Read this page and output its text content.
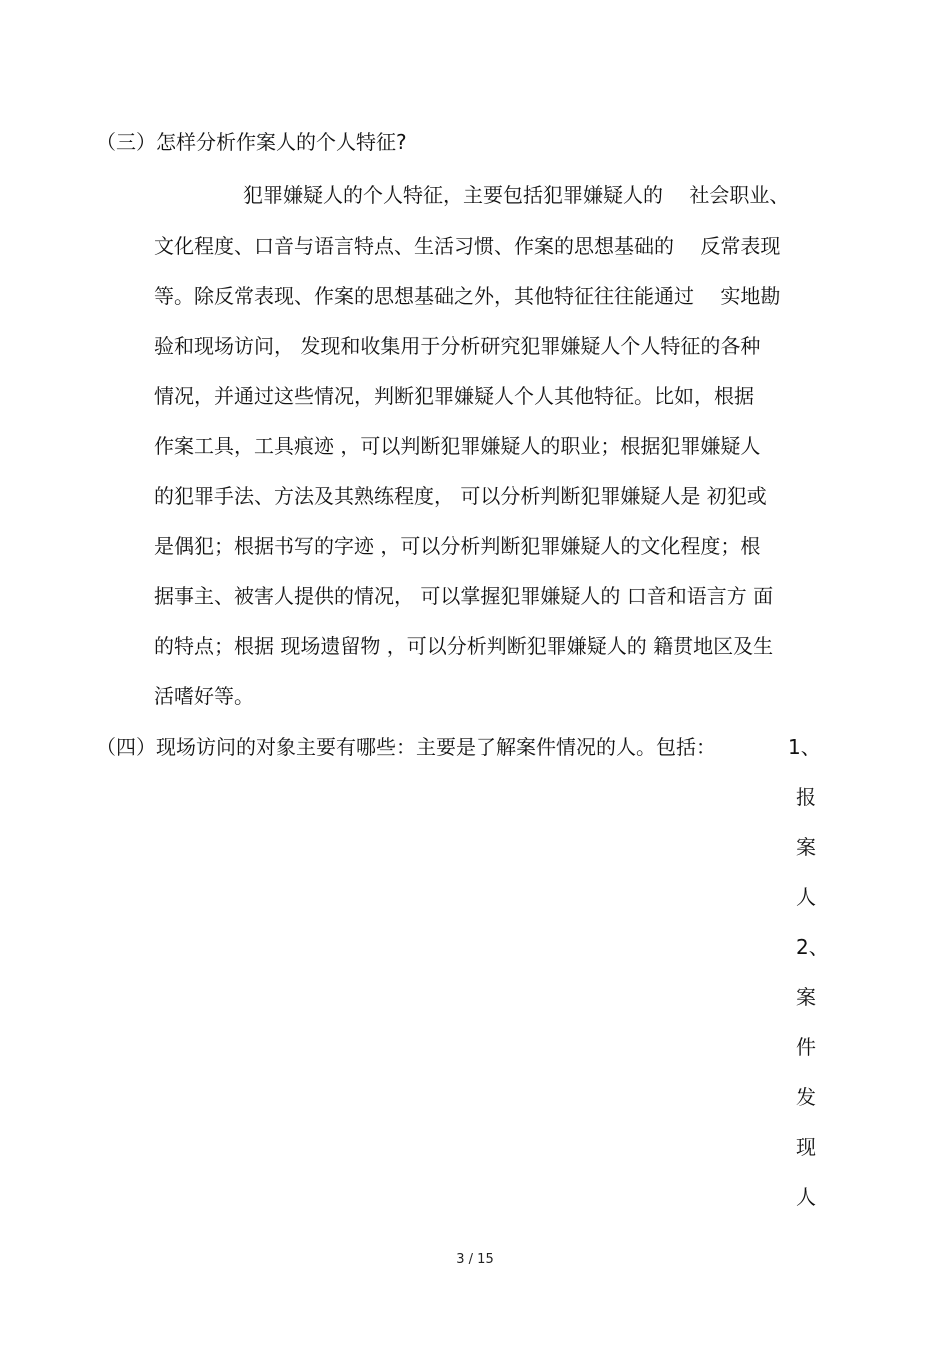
（三）怎样分析作案人的个人特征?
犯罪嫌疑人的个人特征，主要包括犯罪嫌疑人的　 社会职业、
文化程度、口音与语言特点、生活习惯、作案的思想基础的　 反常表现
等。除反常表现、作案的思想基础之外，其他特征往往能通过　 实地勘
验和现场访问， 发现和收集用于分析研究犯罪嫌疑人个人特征的各种
情况，并通过这些情况，判断犯罪嫌疑人个人其他特征。比如，根据
作案工具，工具痕迹 ，可以判断犯罪嫌疑人的职业；根据犯罪嫌疑人
的犯罪手法、方法及其熟练程度， 可以分析判断犯罪嫌疑人是 初犯或
是偶犯；根据书写的字迹 ，可以分析判断犯罪嫌疑人的文化程度；根
据事主、被害人提供的情况， 可以掌握犯罪嫌疑人的 口音和语言方 面
的特点；根据 现场遗留物 ，可以分析判断犯罪嫌疑人的 籍贯地区及生
活嗜好等。
（四）现场访问的对象主要有哪些：主要是了解案件情况的人。包括：	1、
报
案
人
2、
案
件
发
现
人
3 / 15
